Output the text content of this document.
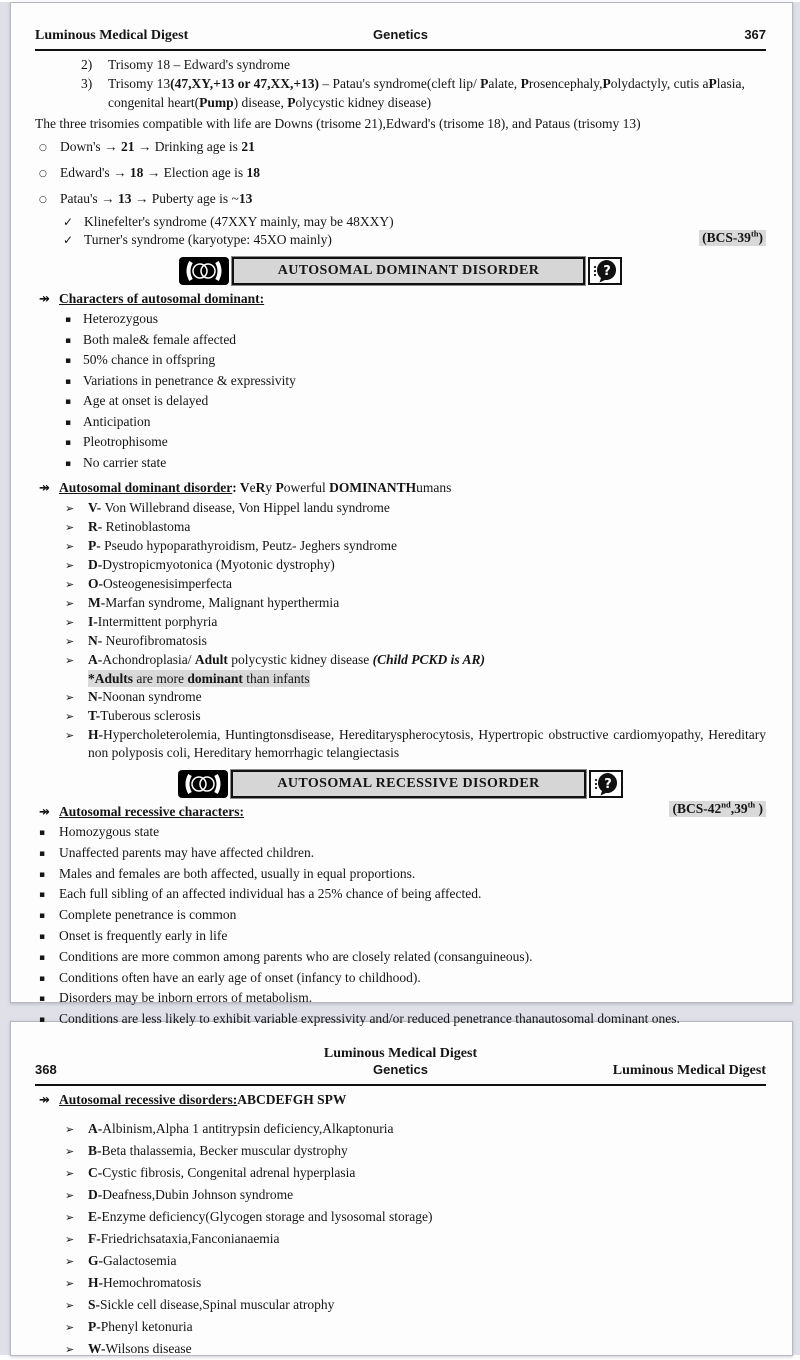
Luminous Medical Digest	Genetics	367
2)	Trisomy 18 – Edward's syndrome
3)	Trisomy 13(47,XY,+13 or 47,XX,+13) – Patau's syndrome(cleft lip/ Palate, Prosencephaly,Polydactyly, cutis aPlasia, congenital heart(Pump) disease, Polycystic kidney disease)
The three trisomies compatible with life are Downs (trisome 21),Edward's (trisome 18), and Pataus (trisomy 13)
○ Down's → 21 → Drinking age is 21
○ Edward's → 18 → Election age is 18
○ Patau's → 13 → Puberty age is ~13
✓ Klinefelter's syndrome (47XXY mainly, may be 48XXY)
✓ Turner's syndrome (karyotype: 45XO mainly)	(BCS-39th)
AUTOSOMAL DOMINANT DISORDER	?
↠ Characters of autosomal dominant:
▪ Heterozygous
▪ Both male& female affected
▪ 50% chance in offspring
▪ Variations in penetrance & expressivity
▪ Age at onset is delayed
▪ Anticipation
▪ Pleotrophisome
▪ No carrier state
↠ Autosomal dominant disorder: VeRy Powerful DOMINANTHumans
➢	V- Von Willebrand disease, Von Hippel landu syndrome
➢	R- Retinoblastoma
➢	P- Pseudo hypoparathyroidism, Peutz- Jeghers syndrome
➢	D-Dystropicmyotonica (Myotonic dystrophy)
➢	O-Osteogenesisimperfecta
➢	M-Marfan syndrome, Malignant hyperthermia
➢	I-Intermittent porphyria
➢	N- Neurofibromatosis
➢	A-Achondroplasia/ Adult polycystic kidney disease (Child PCKD is AR)
*Adults are more dominant than infants
➢	N-Noonan syndrome
➢	T-Tuberous sclerosis
➢	H-Hypercholeterolemia, Huntingtonsdisease, Hereditaryspherocytosis, Hypertropic obstructive cardiomyopathy, Hereditary non polyposis coli, Hereditary hemorrhagic telangiectasis
AUTOSOMAL RECESSIVE DISORDER	?
↠ Autosomal recessive characters:	(BCS-42nd,39th )
▪	Homozygous state
▪	Unaffected parents may have affected children.
▪	Males and females are both affected, usually in equal proportions.
▪	Each full sibling of an affected individual has a 25% chance of being affected.
▪	Complete penetrance is common
▪	Onset is frequently early in life
▪	Conditions are more common among parents who are closely related (consanguineous).
▪	Conditions often have an early age of onset (infancy to childhood).
▪	Disorders may be inborn errors of metabolism.
▪	Conditions are less likely to exhibit variable expressivity and/or reduced penetrance thanautosomal dominant ones.
Luminous Medical Digest
368	Genetics	Luminous Medical Digest
↠ Autosomal recessive disorders:ABCDEFGH SPW
➢	A-Albinism,Alpha 1 antitrypsin deficiency,Alkaptonuria
➢	B-Beta thalassemia, Becker muscular dystrophy
➢	C-Cystic fibrosis, Congenital adrenal hyperplasia
➢	D-Deafness,Dubin Johnson syndrome
➢	E-Enzyme deficiency(Glycogen storage and lysosomal storage)
➢	F-Friedrichsataxia,Fanconianaemia
➢	G-Galactosemia
➢	H-Hemochromatosis
➢	S-Sickle cell disease,Spinal muscular atrophy
➢	P-Phenyl ketonuria
➢	W-Wilsons disease
